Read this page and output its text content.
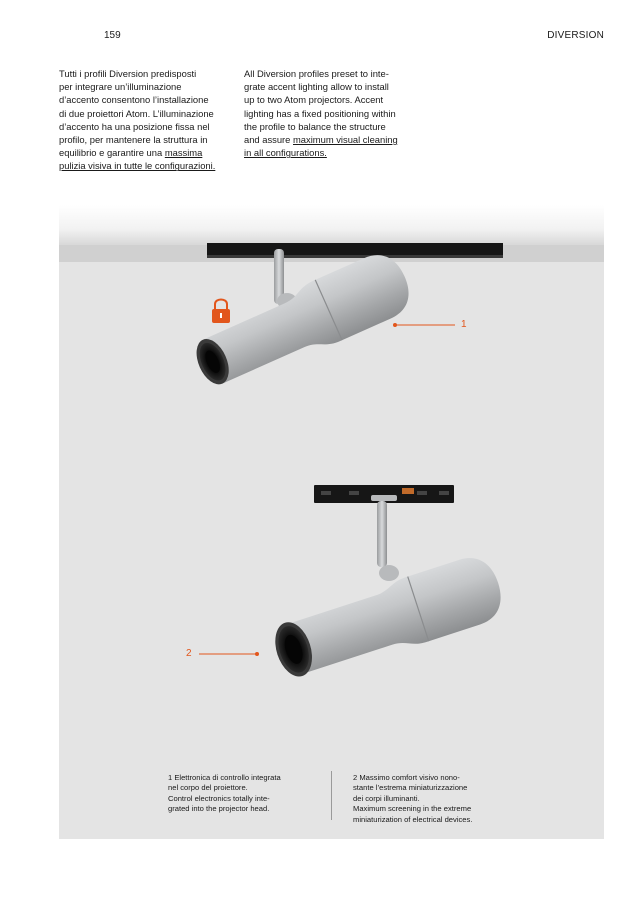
159	DIVERSION
Tutti i profili Diversion predisposti
per integrare un’illuminazione
d’accento consentono l’installazione
di due proiettori Atom. L’illuminazione
d’accento ha una posizione fissa nel
profilo, per mantenere la struttura in
equilibrio e garantire una massima
pulizia visiva in tutte le configurazioni.
All Diversion profiles preset to inte-
grate accent lighting allow to install
up to two Atom projectors. Accent
lighting has a fixed positioning within
the profile to balance the structure
and assure maximum visual cleaning
in all configurations.
1
2
1 Elettronica di controllo integrata
nel corpo del proiettore.
Control electronics totally inte-
grated into the projector head.
2 Massimo comfort visivo nono-
stante l’estrema miniaturizzazione
dei corpi illuminanti.
Maximum screening in the extreme
miniaturization of electrical devices.
